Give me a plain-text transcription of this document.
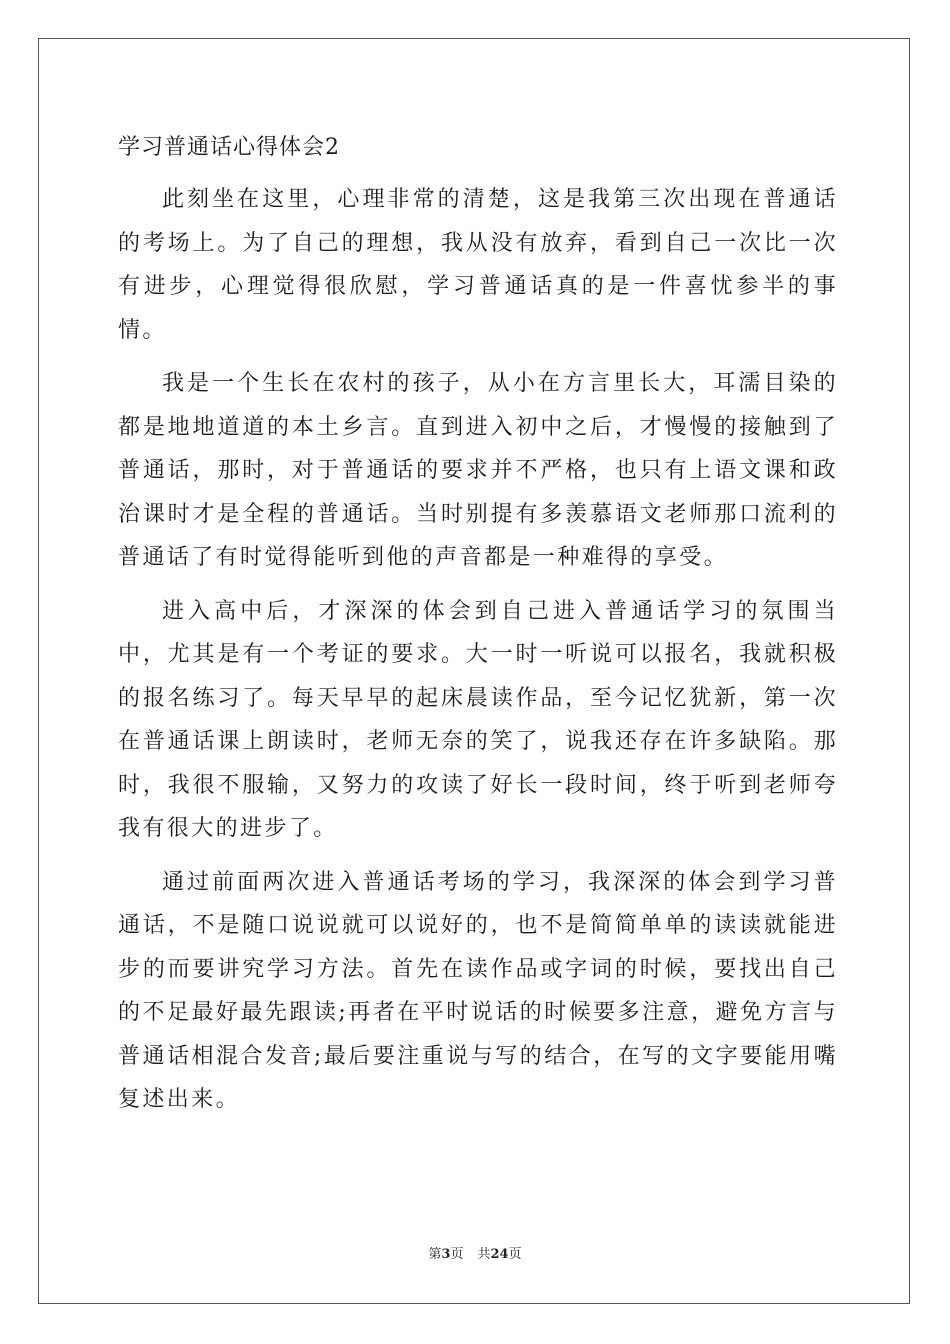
学习普通话心得体会2

此刻坐在这里，心理非常的清楚，这是我第三次出现在普通话的考场上。为了自己的理想，我从没有放弃，看到自己一次比一次有进步，心理觉得很欣慰，学习普通话真的是一件喜忧参半的事情。

我是一个生长在农村的孩子，从小在方言里长大，耳濡目染的都是地地道道的本土乡言。直到进入初中之后，才慢慢的接触到了普通话，那时，对于普通话的要求并不严格，也只有上语文课和政治课时才是全程的普通话。当时别提有多羡慕语文老师那口流利的普通话了有时觉得能听到他的声音都是一种难得的享受。

进入高中后，才深深的体会到自己进入普通话学习的氛围当中，尤其是有一个考证的要求。大一时一听说可以报名，我就积极的报名练习了。每天早早的起床晨读作品，至今记忆犹新，第一次在普通话课上朗读时，老师无奈的笑了，说我还存在许多缺陷。那时，我很不服输，又努力的攻读了好长一段时间，终于听到老师夸我有很大的进步了。

通过前面两次进入普通话考场的学习，我深深的体会到学习普通话，不是随口说说就可以说好的，也不是简简单单的读读就能进步的而要讲究学习方法。首先在读作品或字词的时候，要找出自己的不足最好最先跟读;再者在平时说话的时候要多注意，避免方言与普通话相混合发音;最后要注重说与写的结合，在写的文字要能用嘴复述出来。

第3页 共24页
